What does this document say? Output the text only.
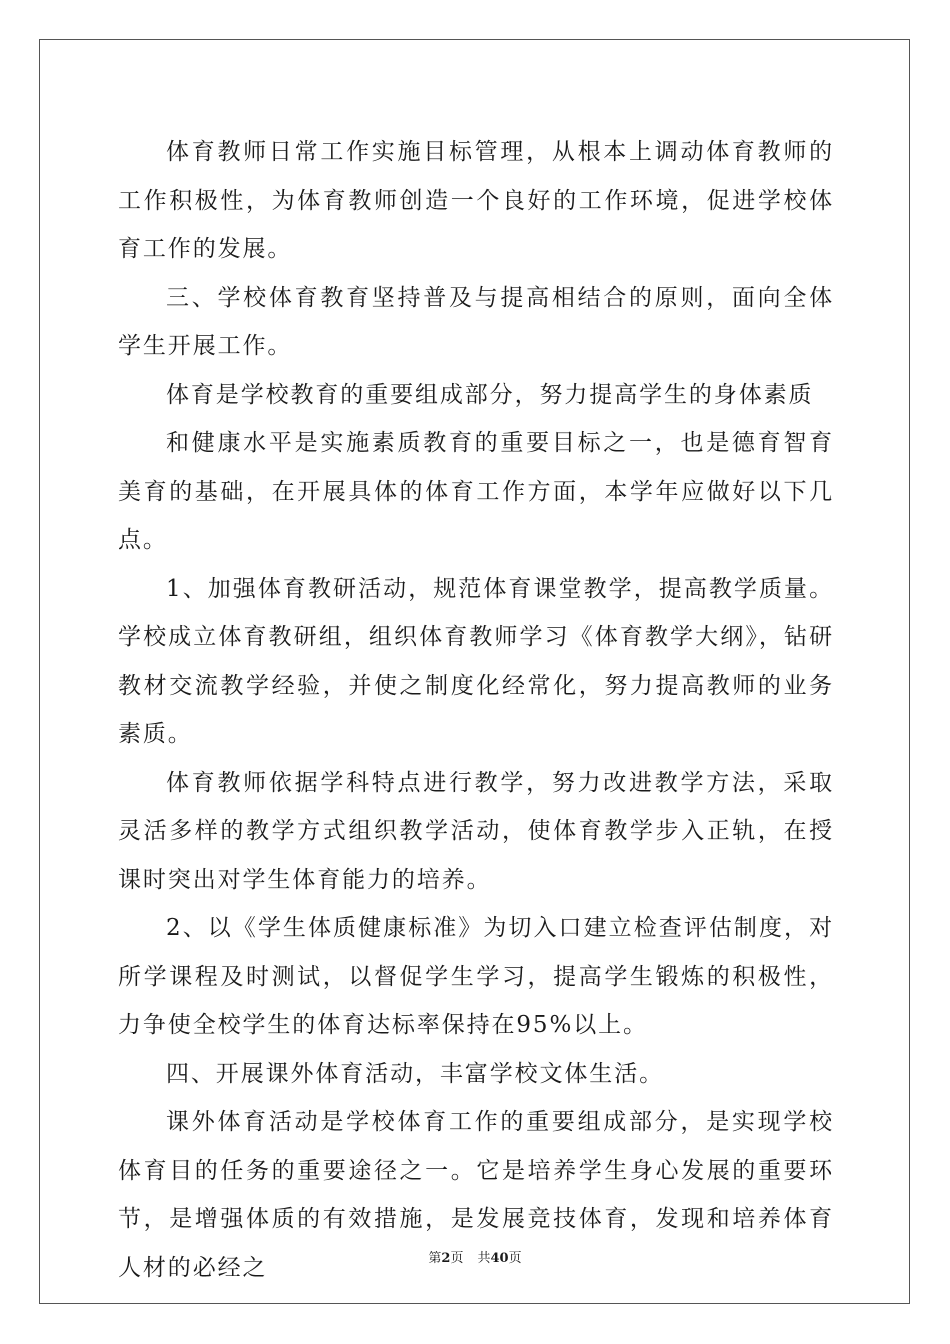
体育教师日常工作实施目标管理，从根本上调动体育教师的工作积极性，为体育教师创造一个良好的工作环境，促进学校体育工作的发展。

三、学校体育教育坚持普及与提高相结合的原则，面向全体学生开展工作。

体育是学校教育的重要组成部分，努力提高学生的身体素质

和健康水平是实施素质教育的重要目标之一，也是德育智育美育的基础，在开展具体的体育工作方面，本学年应做好以下几点。

1、加强体育教研活动，规范体育课堂教学，提高教学质量。 学校成立体育教研组，组织体育教师学习《体育教学大纲》，钻研教材交流教学经验，并使之制度化经常化，努力提高教师的业务素质。

体育教师依据学科特点进行教学，努力改进教学方法，采取灵活多样的教学方式组织教学活动，使体育教学步入正轨，在授课时突出对学生体育能力的培养。

2、以《学生体质健康标准》为切入口建立检查评估制度，对所学课程及时测试，以督促学生学习，提高学生锻炼的积极性，力争使全校学生的体育达标率保持在95%以上。

四、开展课外体育活动，丰富学校文体生活。

课外体育活动是学校体育工作的重要组成部分，是实现学校体育目的任务的重要途径之一。它是培养学生身心发展的重要环节，是增强体质的有效措施，是发展竞技体育，发现和培养体育人材的必经之	第2页 共40页
